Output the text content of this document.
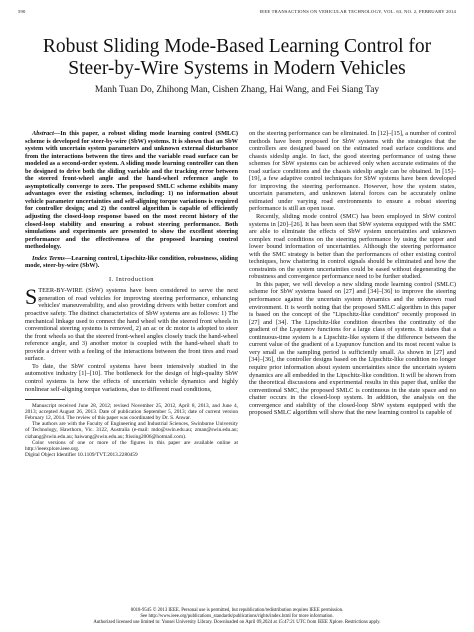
590	IEEE TRANSACTIONS ON VEHICULAR TECHNOLOGY, VOL. 63, NO. 2, FEBRUARY 2014
Robust Sliding Mode-Based Learning Control for
Steer-by-Wire Systems in Modern Vehicles
Manh Tuan Do, Zhihong Man, Cishen Zhang, Hai Wang, and Fei Siang Tay

Abstract—In this paper, a robust sliding mode learning control (SMLC) scheme is developed for steer-by-wire (SbW) systems. It is shown that an SbW system with uncertain system parameters and unknown external disturbance from the interactions between the tires and the variable road surface can be modeled as a second-order system. A sliding mode learning controller can then be designed to drive both the sliding variable and the tracking error between the steered front-wheel angle and the hand-wheel reference angle to asymptotically converge to zero. The proposed SMLC scheme exhibits many advantages over the existing schemes, including: 1) no information about vehicle parameter uncertainties and self-aligning torque variations is required for controller design; and 2) the control algorithm is capable of efficiently adjusting the closed-loop response based on the most recent history of the closed-loop stability and ensuring a robust steering performance. Both simulations and experiments are presented to show the excellent steering performance and the effectiveness of the proposed learning control methodology.

Index Terms—Learning control, Lipschitz-like condition, robustness, sliding mode, steer-by-wire (SbW).

I. Introduction

STEER-BY-WIRE (SbW) systems have been considered to serve the next generation of road vehicles for improving steering performance, enhancing vehicles' maneuverability, and also providing drivers with better comfort and proactive safety. The distinct characteristics of SbW systems are as follows: 1) The mechanical linkage used to connect the hand wheel with the steered front wheels in conventional steering systems is removed, 2) an ac or dc motor is adopted to steer the front wheels so that the steered front-wheel angles closely track the hand-wheel reference angle, and 3) another motor is coupled with the hand-wheel shaft to provide a driver with a feeling of the interactions between the front tires and road surface.

To date, the SbW control systems have been intensively studied in the automotive industry [1]–[10]. The bottleneck for the design of high-quality SbW control systems is how the effects of uncertain vehicle dynamics and highly nonlinear self-aligning torque variations, due to different road conditions,

Manuscript received June 28, 2012; revised November 25, 2012, April 8, 2013, and June 4, 2013; accepted August 26, 2013. Date of publication September 5, 2013; date of current version February 12, 2014. The review of this paper was coordinated by Dr. S. Anwar.

The authors are with the Faculty of Engineering and Industrial Sciences, Swinburne University of Technology, Hawthorn, Vic. 3122, Australia (e-mail: mdo@swin.edu.au; zman@swin.edu.au; cizhang@swin.edu.au; haiwang@swin.edu.au; ftissing2006@hotmail.com).

Color versions of one or more of the figures in this paper are available online at http://ieeexplore.ieee.org.

Digital Object Identifier 10.1109/TVT.2013.2280459

on the steering performance can be eliminated. In [12]–[15], a number of control methods have been proposed for SbW systems with the strategies that the controllers are designed based on the estimated road surface conditions and chassis sideslip angle. In fact, the good steering performance of using these schemes for SbW systems can be achieved only when accurate estimates of the road surface conditions and the chassis sideslip angle can be obtained. In [15]–[19], a few adaptive control techniques for SbW systems have been developed for improving the steering performance. However, how the system states, uncertain parameters, and unknown lateral forces can be accurately online estimated under varying road environments to ensure a robust steering performance is still an open issue.

Recently, sliding mode control (SMC) has been employed in SbW control systems in [20]–[26]. It has been seen that SbW systems equipped with the SMC are able to eliminate the effects of SbW system uncertainties and unknown complex road conditions on the steering performance by using the upper and lower bound information of uncertainties. Although the steering performance with the SMC strategy is better than the performances of other existing control techniques, how chattering in control signals should be eliminated and how the constraints on the system uncertainties could be eased without degenerating the robustness and convergence performance need to be further studied.

In this paper, we will develop a new sliding mode learning control (SMLC) scheme for SbW systems based on [27] and [34]–[36] to improve the steering performance against the uncertain system dynamics and the unknown road environment. It is worth noting that the proposed SMLC algorithm in this paper is based on the concept of the "Lipschitz-like condition" recently proposed in [27] and [34]. The Lipschitz-like condition describes the continuity of the gradient of the Lyapunov functions for a large class of systems. It states that a continuous-time system is a Lipschitz-like system if the difference between the current value of the gradient of a Lyapunov function and its most recent value is very small as the sampling period is sufficiently small. As shown in [27] and [34]–[36], the controller designs based on the Lipschitz-like condition no longer require prior information about system uncertainties since the uncertain system dynamics are all embedded in the Lipschitz-like condition. It will be shown from the theoretical discussions and experimental results in this paper that, unlike the conventional SMC, the proposed SMLC is continuous in the state space and no chatter occurs in the closed-loop system. In addition, the analysis on the convergence and stability of the closed-loop SbW system equipped with the proposed SMLC algorithm will show that the new learning control is capable of

0018-9545 © 2013 IEEE. Personal use is permitted, but republication/redistribution requires IEEE permission.
See http://www.ieee.org/publications_standards/publications/rights/index.html for more information.
Authorized licensed use limited to: Yonsei University Library. Downloaded on April 09,2024 at 15:47:21 UTC from IEEE Xplore. Restrictions apply.
